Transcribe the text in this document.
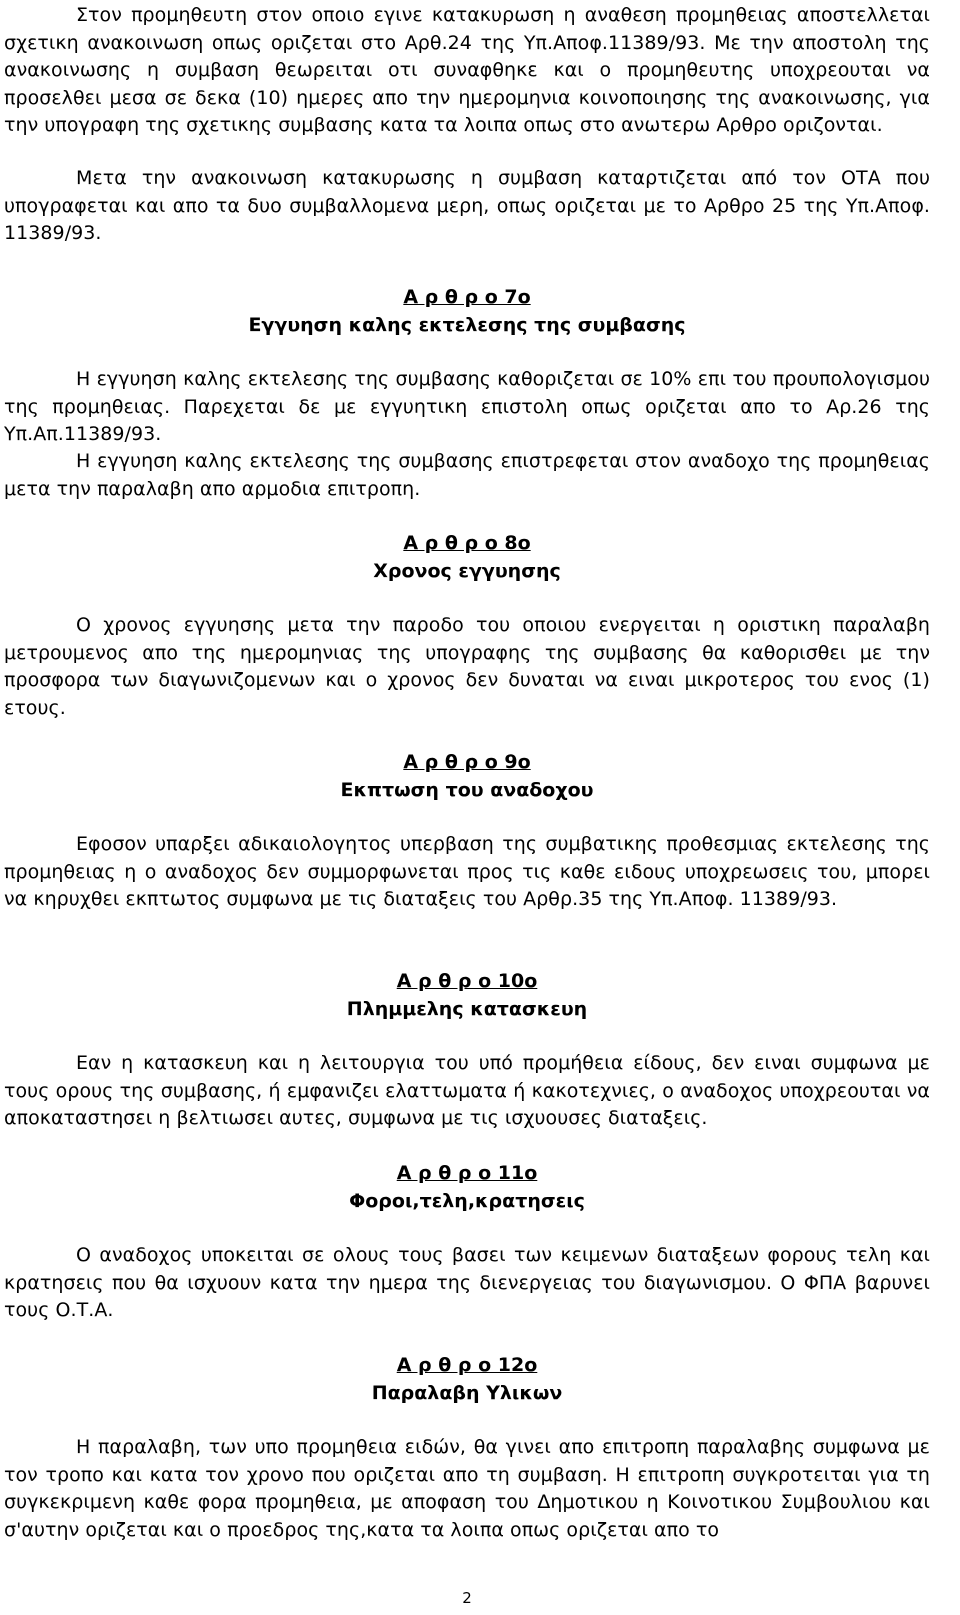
Στον προμηθευτη στον οποιο εγινε κατακυρωση η αναθεση προμηθειας αποστελλεται σχετικη ανακοινωση οπως οριζεται στο Αρθ.24 της Υπ.Αποφ.11389/93. Με την αποστολη της ανακοινωσης η συμβαση θεωρειται οτι συναφθηκε και ο προμηθευτης υποχρεουται να προσελθει μεσα σε δεκα (10) ημερες απο την ημερομηνια κοινοποιησης της ανακοινωσης, για την υπογραφη της σχετικης συμβασης κατα τα λοιπα οπως στο ανωτερω Αρθρο οριζονται.

Μετα την ανακοινωση κατακυρωσης η συμβαση καταρτιζεται από τον ΟΤΑ που υπογραφεται και απο τα δυο συμβαλλομενα μερη, οπως οριζεται με το Αρθρο 25 της Υπ.Αποφ. 11389/93.

Α ρ θ ρ ο 7ο

Εγγυηση καλης εκτελεσης της συμβασης

Η εγγυηση καλης εκτελεσης της συμβασης καθοριζεται σε 10% επι του προυπολογισμου της προμηθειας. Παρεχεται δε με εγγυητικη επιστολη οπως οριζεται απο το Αρ.26 της Υπ.Απ.11389/93.

Η εγγυηση καλης εκτελεσης της συμβασης επιστρεφεται στον αναδοχο της προμηθειας μετα την παραλαβη απο αρμοδια επιτροπη.

Α ρ θ ρ ο 8ο

Χρονος εγγυησης

Ο χρονος εγγυησης μετα την παροδο του οποιου ενεργειται η οριστικη παραλαβη μετρουμενος απο της ημερομηνιας της υπογραφης της συμβασης θα καθορισθει με την προσφορα των διαγωνιζομενων και ο χρονος δεν δυναται να ειναι μικροτερος του ενος (1) ετους.

Α ρ θ ρ ο 9ο

Εκπτωση του αναδοχου

Εφοσον υπαρξει αδικαιολογητος υπερβαση της συμβατικης προθεσμιας εκτελεσης της προμηθειας η ο αναδοχος δεν συμμορφωνεται προς τις καθε ειδους υποχρεωσεις του, μπορει να κηρυχθει εκπτωτος συμφωνα με τις διαταξεις του Αρθρ.35 της Υπ.Αποφ. 11389/93.

Α ρ θ ρ ο 10ο

Πλημμελης κατασκευη

Εαν η κατασκευη και η λειτουργια του υπό προμήθεια είδους, δεν ειναι συμφωνα με τους ορους της συμβασης, ή εμφανιζει ελαττωματα ή κακοτεχνιες, ο αναδοχος υποχρεουται να αποκαταστησει η βελτιωσει αυτες, συμφωνα με τις ισχυουσες διαταξεις.

Α ρ θ ρ ο 11ο

Φοροι,τελη,κρατησεις

Ο αναδοχος υποκειται σε ολους τους βασει των κειμενων διαταξεων φορους τελη και κρατησεις που θα ισχυουν κατα την ημερα της διενεργειας του διαγωνισμου. Ο ΦΠΑ βαρυνει τους Ο.Τ.Α.

Α ρ θ ρ ο 12ο

Παραλαβη Υλικων

Η παραλαβη, των υπο προμηθεια ειδών, θα γινει απο επιτροπη παραλαβης συμφωνα με τον τροπο και κατα τον χρονο που οριζεται απο τη συμβαση. Η επιτροπη συγκροτειται για τη συγκεκριμενη καθε φορα προμηθεια, με αποφαση του Δημοτικου η Κοινοτικου Συμβουλιου και σ'αυτην οριζεται και ο προεδρος της,κατα τα λοιπα οπως οριζεται απο το

2
